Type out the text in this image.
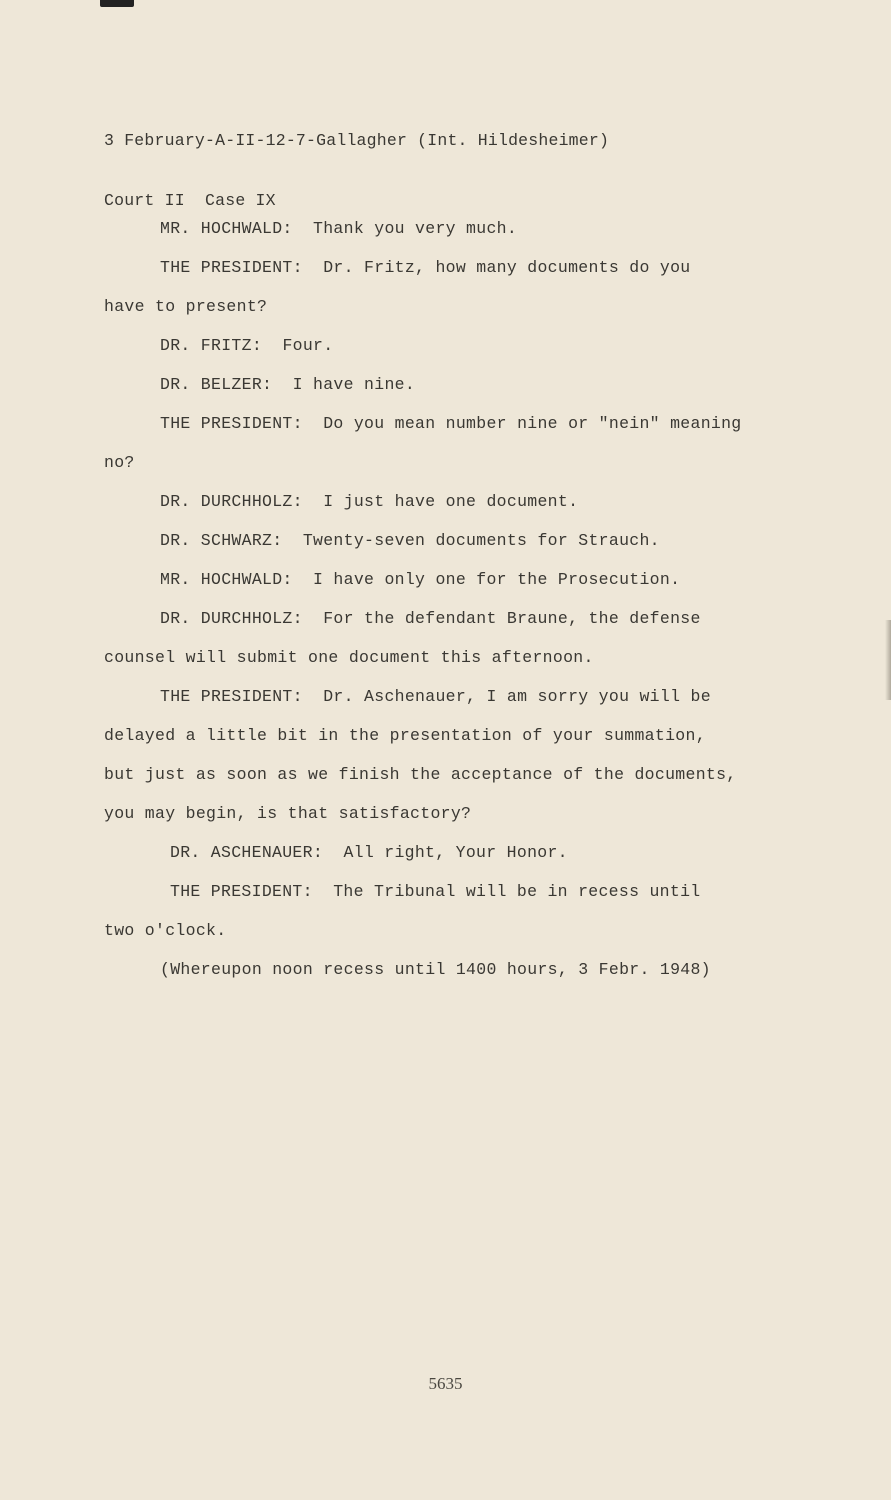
3 February-A-II-12-7-Gallagher (Int. Hildesheimer)

Court II  Case IX

MR. HOCHWALD: Thank you very much.
THE PRESIDENT: Dr. Fritz, how many documents do you
have to present?
DR. FRITZ: Four.
DR. BELZER: I have nine.
THE PRESIDENT: Do you mean number nine or "nein" meaning
no?
DR. DURCHHOLZ: I just have one document.
DR. SCHWARZ: Twenty-seven documents for Strauch.
MR. HOCHWALD: I have only one for the Prosecution.
DR. DURCHHOLZ: For the defendant Braune, the defense
counsel will submit one document this afternoon.
THE PRESIDENT: Dr. Aschenauer, I am sorry you will be
delayed a little bit in the presentation of your summation,
but just as soon as we finish the acceptance of the documents,
you may begin, is that satisfactory?
DR. ASCHENAUER: All right, Your Honor.
THE PRESIDENT: The Tribunal will be in recess until
two o'clock.
(Whereupon noon recess until 1400 hours, 3 Febr. 1948)
5635
